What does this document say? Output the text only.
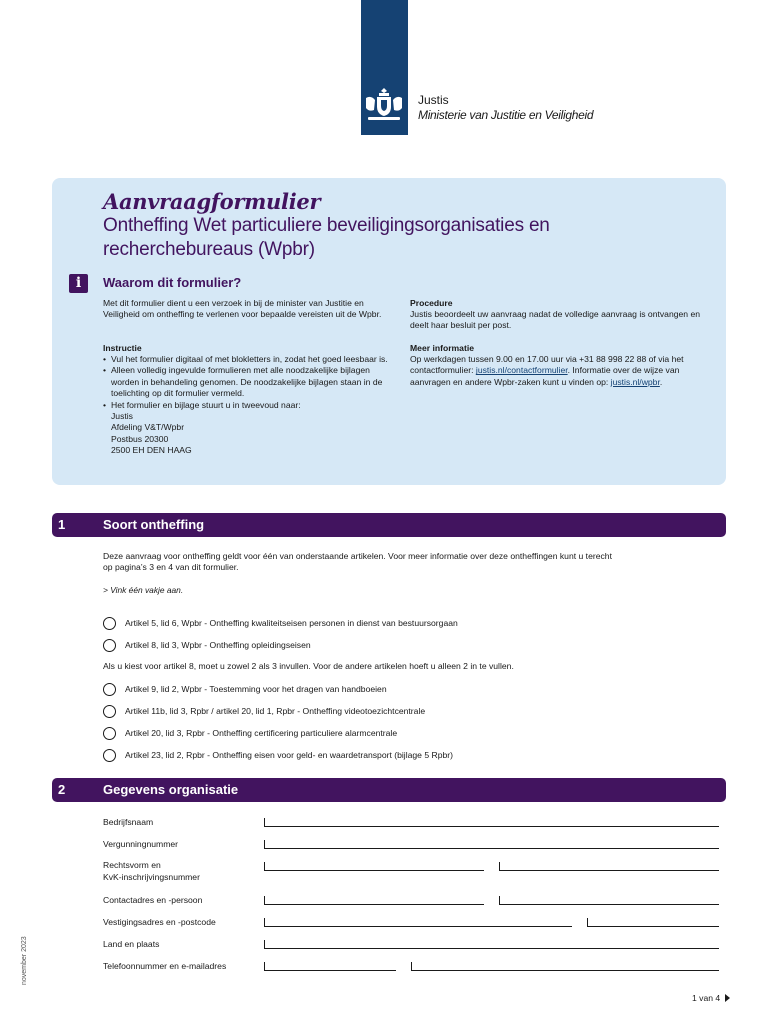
Justis
Ministerie van Justitie en Veiligheid
Aanvraagformulier
Ontheffing Wet particuliere beveiligingsorganisaties en recherchebureaus (Wpbr)
i	Waarom dit formulier?
Met dit formulier dient u een verzoek in bij de minister van Justitie en Veiligheid om ontheffing te verlenen voor bepaalde vereisten uit de Wpbr.
Instructie
• Vul het formulier digitaal of met blokletters in, zodat het goed leesbaar is.
• Alleen volledig ingevulde formulieren met alle noodzakelijke bijlagen worden in behandeling genomen. De noodzakelijke bijlagen staan in de toelichting op dit formulier vermeld.
• Het formulier en bijlage stuurt u in tweevoud naar:
Justis
Afdeling V&T/Wpbr
Postbus 20300
2500 EH DEN HAAG
Procedure
Justis beoordeelt uw aanvraag nadat de volledige aanvraag is ontvangen en deelt haar besluit per post.
Meer informatie
Op werkdagen tussen 9.00 en 17.00 uur via +31 88 998 22 88 of via het contactformulier: justis.nl/contactformulier. Informatie over de wijze van aanvragen en andere Wpbr-zaken kunt u vinden op: justis.nl/wpbr.
1	Soort ontheffing
Deze aanvraag voor ontheffing geldt voor één van onderstaande artikelen. Voor meer informatie over deze ontheffingen kunt u terecht op pagina’s 3 en 4 van dit formulier.
> Vink één vakje aan.
Artikel 5, lid 6, Wpbr - Ontheffing kwaliteitseisen personen in dienst van bestuursorgaan
Artikel 8, lid 3, Wpbr - Ontheffing opleidingseisen
Als u kiest voor artikel 8, moet u zowel 2 als 3 invullen. Voor de andere artikelen hoeft u alleen 2 in te vullen.
Artikel 9, lid 2, Wpbr - Toestemming voor het dragen van handboeien
Artikel 11b, lid 3, Rpbr / artikel 20, lid 1, Rpbr - Ontheffing videotoezichtcentrale
Artikel 20, lid 3, Rpbr - Ontheffing certificering particuliere alarmcentrale
Artikel 23, lid 2, Rpbr - Ontheffing eisen voor geld- en waardetransport (bijlage 5 Rpbr)
2	Gegevens organisatie
Bedrijfsnaam
Vergunningnummer
Rechtsvorm en
KvK-inschrijvingsnummer
Contactadres en -persoon
Vestigingsadres en -postcode
Land en plaats
Telefoonnummer en e-mailadres
november 2023
1 van 4
